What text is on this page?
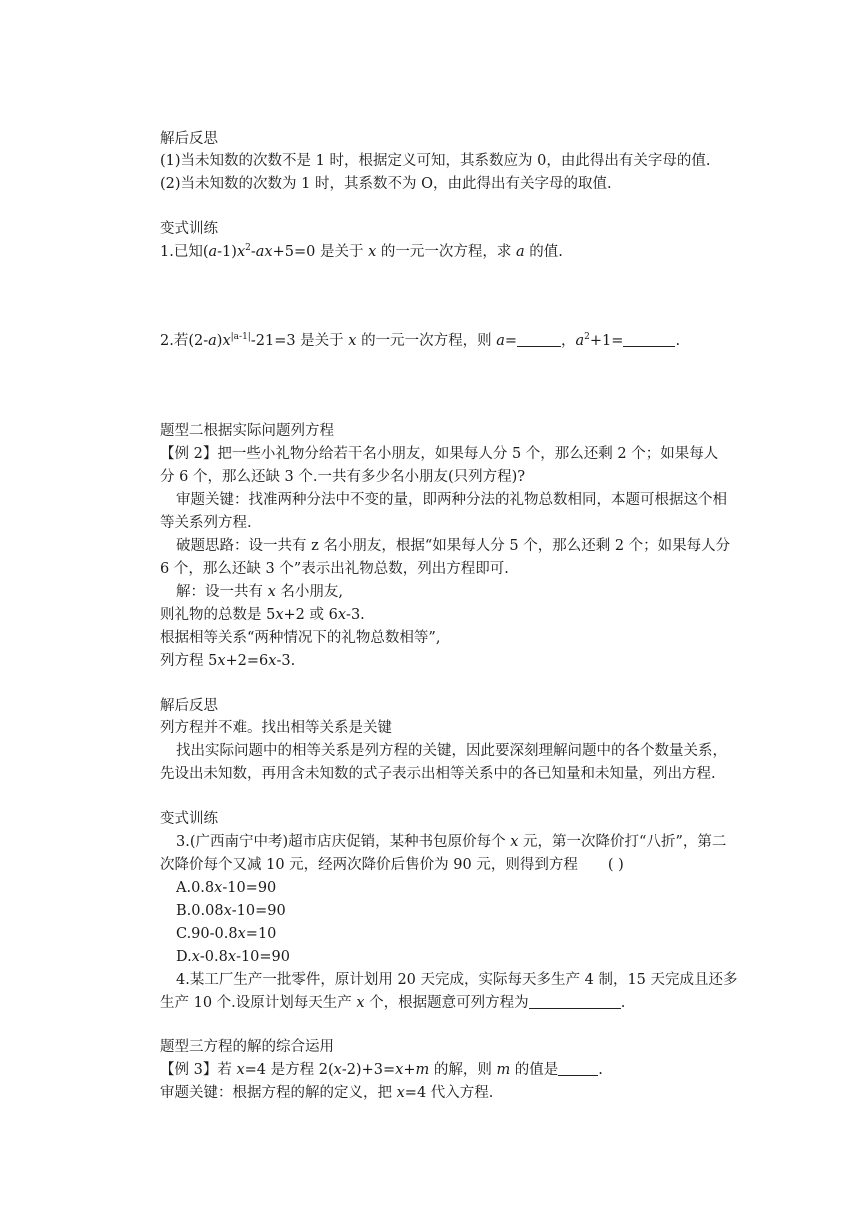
解后反思
(1)当未知数的次数不是 1 时，根据定义可知，其系数应为 0，由此得出有关字母的值.
(2)当未知数的次数为 1 时，其系数不为 O，由此得出有关字母的取值.
变式训练
1.已知$(a-1)x^2-ax+5=0$ 是关于 x 的一元一次方程，求 a 的值.
2.若$(2-a)x^{|a-1|}-21=3$ 是关于 x 的一元一次方程，则 a=	，$a^2+1=$	.
题型二根据实际问题列方程
【例 2】把一些小礼物分给若干名小朋友，如果每人分 5 个，那么还剩 2 个；如果每人
分 6 个，那么还缺 3 个.一共有多少名小朋友(只列方程)?
审题关键：找准两种分法中不变的量，即两种分法的礼物总数相同，本题可根据这个相
等关系列方程.
破题思路：设一共有 z 名小朋友，根据“如果每人分 5 个，那么还剩 2 个；如果每人分
6 个，那么还缺 3 个”表示出礼物总数，列出方程即可.
解：设一共有 x 名小朋友,
则礼物的总数是 5x+2 或 6x-3.
根据相等关系“两种情况下的礼物总数相等”,
列方程 5x+2=6x-3.
解后反思
列方程并不难。找出相等关系是关键
找出实际问题中的相等关系是列方程的关键，因此要深刻理解问题中的各个数量关系，
先设出未知数，再用含未知数的式子表示出相等关系中的各已知量和未知量，列出方程.
变式训练
3.(广西南宁中考)超市店庆促销，某种书包原价每个 x 元，第一次降价打“八折”，第二
次降价每个又减 10 元，经两次降价后售价为 90 元，则得到方程 ( )
A.0.8x-10=90
B.0.08x-10=90
C.90-0.8x=10
D.x-0.8x-10=90
4.某工厂生产一批零件，原计划用 20 天完成，实际每天多生产 4 制，15 天完成且还多
生产 10 个.设原计划每天生产 x 个，根据题意可列方程为	.
题型三方程的解的综合运用
【例 3】若 x=4 是方程 2(x-2)+3=x+m 的解，则 m 的值是	.
审题关键：根据方程的解的定义，把 x=4 代入方程.
